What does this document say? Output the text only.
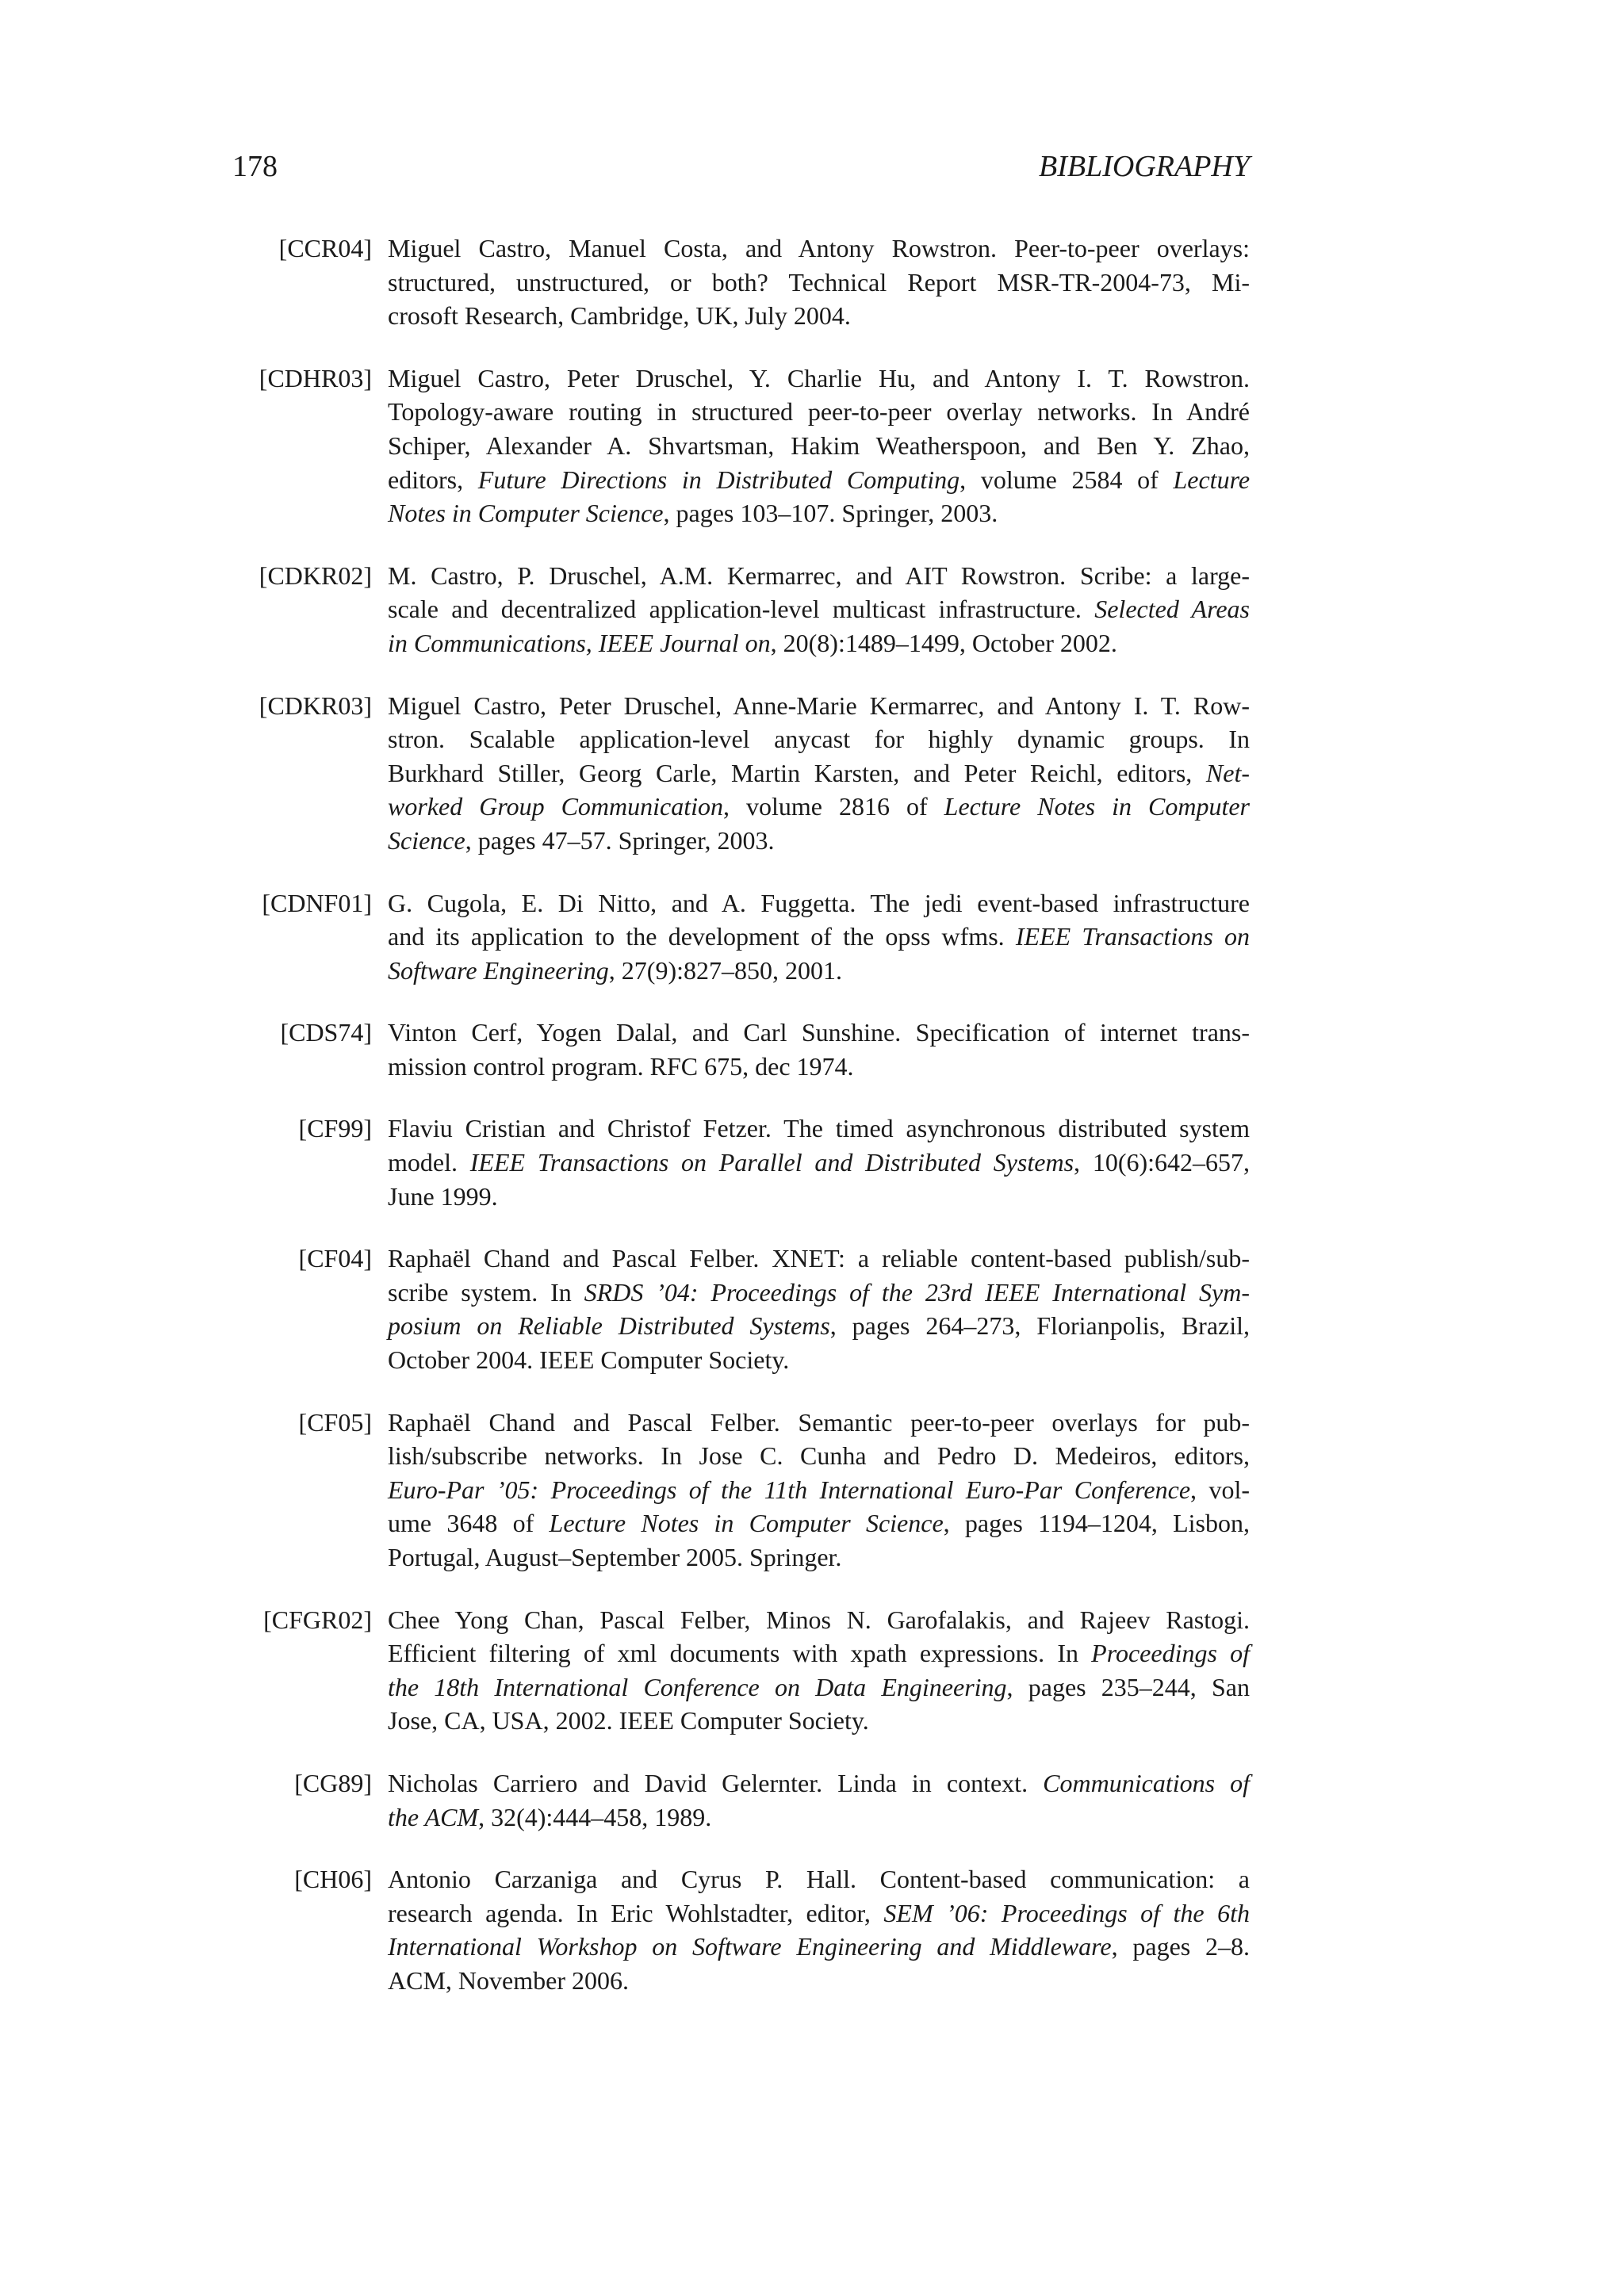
178	BIBLIOGRAPHY
[CCR04] Miguel Castro, Manuel Costa, and Antony Rowstron. Peer-to-peer overlays:
structured, unstructured, or both? Technical Report MSR-TR-2004-73, Mi-
crosoft Research, Cambridge, UK, July 2004.
[CDHR03] Miguel Castro, Peter Druschel, Y. Charlie Hu, and Antony I. T. Rowstron.
Topology-aware routing in structured peer-to-peer overlay networks. In André
Schiper, Alexander A. Shvartsman, Hakim Weatherspoon, and Ben Y. Zhao,
editors, Future Directions in Distributed Computing, volume 2584 of Lecture
Notes in Computer Science, pages 103–107. Springer, 2003.
[CDKR02] M. Castro, P. Druschel, A.M. Kermarrec, and AIT Rowstron. Scribe: a large-
scale and decentralized application-level multicast infrastructure. Selected Areas
in Communications, IEEE Journal on, 20(8):1489–1499, October 2002.
[CDKR03] Miguel Castro, Peter Druschel, Anne-Marie Kermarrec, and Antony I. T. Row-
stron. Scalable application-level anycast for highly dynamic groups. In
Burkhard Stiller, Georg Carle, Martin Karsten, and Peter Reichl, editors, Net-
worked Group Communication, volume 2816 of Lecture Notes in Computer
Science, pages 47–57. Springer, 2003.
[CDNF01] G. Cugola, E. Di Nitto, and A. Fuggetta. The jedi event-based infrastructure
and its application to the development of the opss wfms. IEEE Transactions on
Software Engineering, 27(9):827–850, 2001.
[CDS74] Vinton Cerf, Yogen Dalal, and Carl Sunshine. Specification of internet trans-
mission control program. RFC 675, dec 1974.
[CF99] Flaviu Cristian and Christof Fetzer. The timed asynchronous distributed system
model. IEEE Transactions on Parallel and Distributed Systems, 10(6):642–657,
June 1999.
[CF04] Raphaël Chand and Pascal Felber. XNET: a reliable content-based publish/sub-
scribe system. In SRDS ’04: Proceedings of the 23rd IEEE International Sym-
posium on Reliable Distributed Systems, pages 264–273, Florianpolis, Brazil,
October 2004. IEEE Computer Society.
[CF05] Raphaël Chand and Pascal Felber. Semantic peer-to-peer overlays for pub-
lish/subscribe networks. In Jose C. Cunha and Pedro D. Medeiros, editors,
Euro-Par ’05: Proceedings of the 11th International Euro-Par Conference, vol-
ume 3648 of Lecture Notes in Computer Science, pages 1194–1204, Lisbon,
Portugal, August–September 2005. Springer.
[CFGR02] Chee Yong Chan, Pascal Felber, Minos N. Garofalakis, and Rajeev Rastogi.
Efficient filtering of xml documents with xpath expressions. In Proceedings of
the 18th International Conference on Data Engineering, pages 235–244, San
Jose, CA, USA, 2002. IEEE Computer Society.
[CG89] Nicholas Carriero and David Gelernter. Linda in context. Communications of
the ACM, 32(4):444–458, 1989.
[CH06] Antonio Carzaniga and Cyrus P. Hall. Content-based communication: a
research agenda. In Eric Wohlstadter, editor, SEM ’06: Proceedings of the 6th
International Workshop on Software Engineering and Middleware, pages 2–8.
ACM, November 2006.
